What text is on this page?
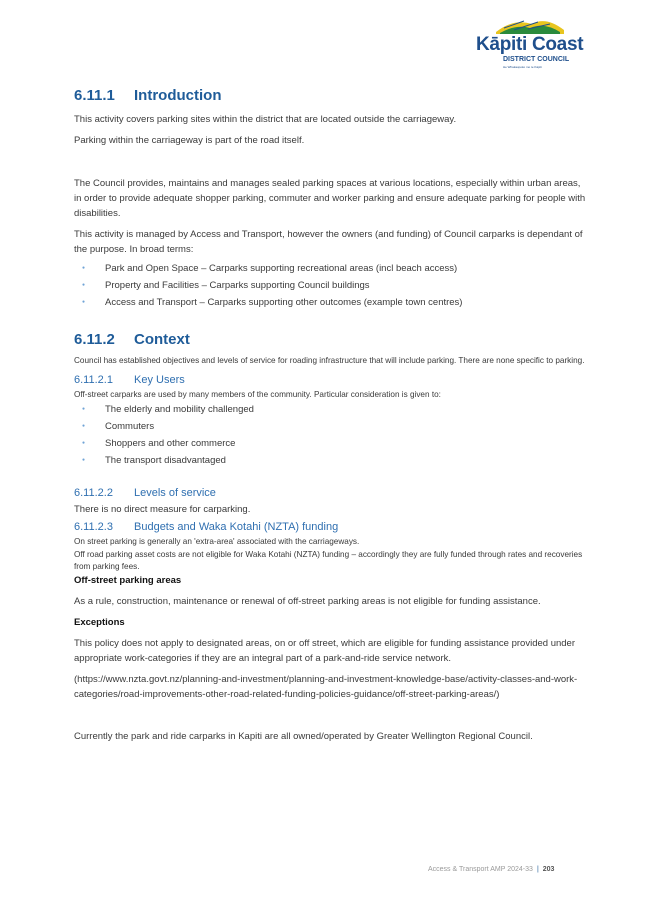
Kāpiti Coast
DISTRICT COUNCIL
He Whakaupoko mo te Kāpiti
6.11.1 Introduction

This activity covers parking sites within the district that are located outside the carriageway.

Parking within the carriageway is part of the road itself.

The Council provides, maintains and manages sealed parking spaces at various locations, especially within urban areas, in order to provide adequate shopper parking, commuter and worker parking and ensure adequate parking for people with disabilities.

This activity is managed by Access and Transport, however the owners (and funding) of Council carparks is dependant of the purpose. In broad terms:

● Park and Open Space – Carparks supporting recreational areas (incl beach access)
● Property and Facilities – Carparks supporting Council buildings
● Access and Transport – Carparks supporting other outcomes (example town centres)
6.11.2 Context

Council has established objectives and levels of service for roading infrastructure that will include parking. There are none specific to parking.

6.11.2.1 Key Users

Off-street carparks are used by many members of the community. Particular consideration is given to:

● The elderly and mobility challenged
● Commuters
● Shoppers and other commerce
● The transport disadvantaged
6.11.2.2 Levels of service

There is no direct measure for carparking.

6.11.2.3 Budgets and Waka Kotahi (NZTA) funding

On street parking is generally an 'extra-area' associated with the carriageways.

Off road parking asset costs are not eligible for Waka Kotahi (NZTA) funding – accordingly they are fully funded through rates and recoveries from parking fees.

Off-street parking areas

As a rule, construction, maintenance or renewal of off-street parking areas is not eligible for funding assistance.

Exceptions

This policy does not apply to designated areas, on or off street, which are eligible for funding assistance provided under appropriate work-categories if they are an integral part of a park-and-ride service network.

(https://www.nzta.govt.nz/planning-and-investment/planning-and-investment-knowledge-base/activity-classes-and-work-categories/road-improvements-other-road-related-funding-policies-guidance/off-street-parking-areas/)

Currently the park and ride carparks in Kapiti are all owned/operated by Greater Wellington Regional Council.

Access & Transport AMP 2024-33 | 203
